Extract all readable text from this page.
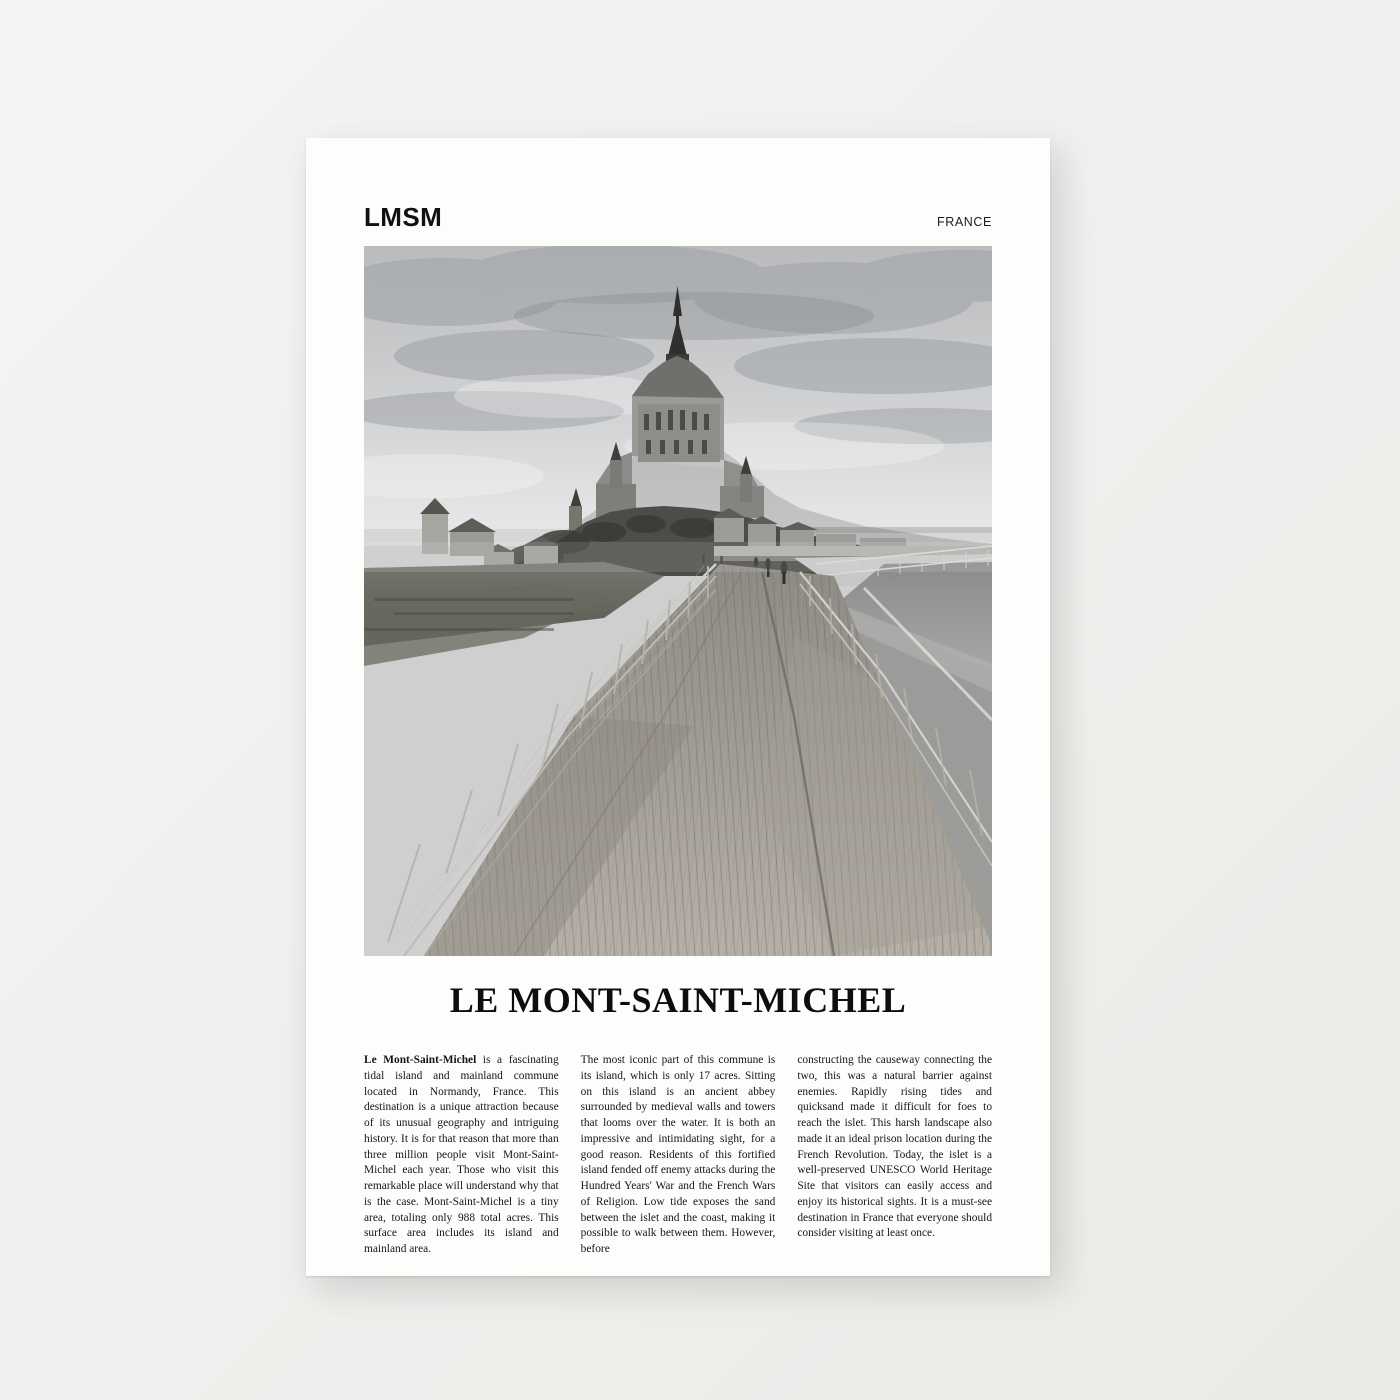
LMSM	FRANCE
LE MONT-SAINT-MICHEL

Le Mont-Saint-Michel is a fascinating tidal island and mainland commune located in Normandy, France. This destination is a unique attraction because of its unusual geography and intriguing history. It is for that reason that more than three million people visit Mont-Saint-Michel each year. Those who visit this remarkable place will understand why that is the case. Mont-Saint-Michel is a tiny area, totaling only 988 total acres. This surface area includes its island and mainland area.

The most iconic part of this commune is its island, which is only 17 acres. Sitting on this island is an ancient abbey surrounded by medieval walls and towers that looms over the water. It is both an impressive and intimidating sight, for a good reason. Residents of this fortified island fended off enemy attacks during the Hundred Years' War and the French Wars of Religion. Low tide exposes the sand between the islet and the coast, making it possible to walk between them. However, before

constructing the causeway connecting the two, this was a natural barrier against enemies. Rapidly rising tides and quicksand made it difficult for foes to reach the islet. This harsh landscape also made it an ideal prison location during the French Revolution. Today, the islet is a well-preserved UNESCO World Heritage Site that visitors can easily access and enjoy its historical sights. It is a must-see destination in France that everyone should consider visiting at least once.
